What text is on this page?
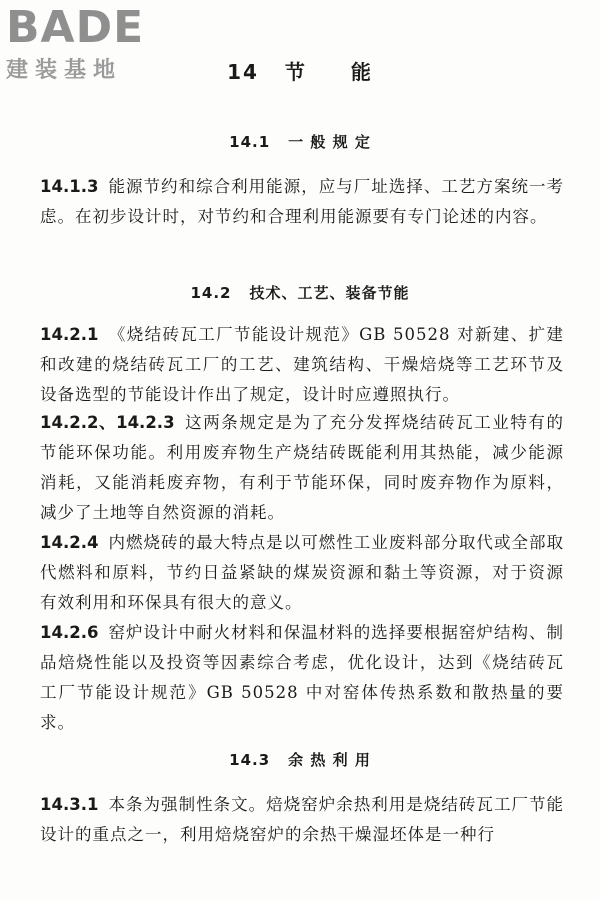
BADE
建装基地	14 节 能
14.1 一 般 规 定
14.1.3 能源节约和综合利用能源，应与厂址选择、工艺方案统一考虑。在初步设计时，对节约和合理利用能源要有专门论述的内容。
14.2 技术、工艺、装备节能
14.2.1 《烧结砖瓦工厂节能设计规范》GB 50528 对新建、扩建和改建的烧结砖瓦工厂的工艺、建筑结构、干燥焙烧等工艺环节及设备选型的节能设计作出了规定，设计时应遵照执行。
14.2.2、14.2.3 这两条规定是为了充分发挥烧结砖瓦工业特有的节能环保功能。利用废弃物生产烧结砖既能利用其热能，减少能源消耗，又能消耗废弃物，有利于节能环保，同时废弃物作为原料，减少了土地等自然资源的消耗。
14.2.4 内燃烧砖的最大特点是以可燃性工业废料部分取代或全部取代燃料和原料，节约日益紧缺的煤炭资源和黏土等资源，对于资源有效利用和环保具有很大的意义。
14.2.6 窑炉设计中耐火材料和保温材料的选择要根据窑炉结构、制品焙烧性能以及投资等因素综合考虑，优化设计，达到《烧结砖瓦工厂节能设计规范》GB 50528 中对窑体传热系数和散热量的要求。
14.3 余 热 利 用
14.3.1 本条为强制性条文。焙烧窑炉余热利用是烧结砖瓦工厂节能设计的重点之一，利用焙烧窑炉的余热干燥湿坯体是一种行
